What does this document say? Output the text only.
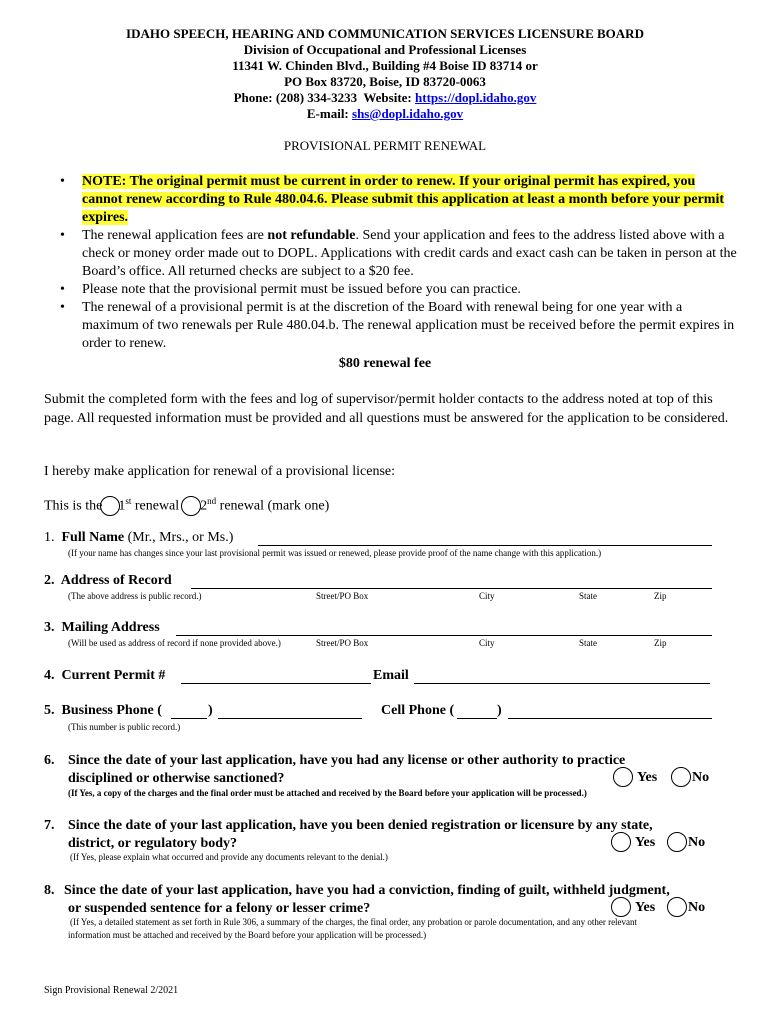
IDAHO SPEECH, HEARING AND COMMUNICATION SERVICES LICENSURE BOARD
Division of Occupational and Professional Licenses
11341 W. Chinden Blvd., Building #4 Boise ID 83714 or
PO Box 83720, Boise, ID 83720-0063
Phone: (208) 334-3233 Website: https://dopl.idaho.gov
E-mail: shs@dopl.idaho.gov
PROVISIONAL PERMIT RENEWAL

• NOTE: The original permit must be current in order to renew. If your original permit has expired, you cannot renew according to Rule 480.04.6. Please submit this application at least a month before your permit expires.

• The renewal application fees are not refundable. Send your application and fees to the address listed above with a check or money order made out to DOPL. Applications with credit cards and exact cash can be taken in person at the Board’s office. All returned checks are subject to a $20 fee.

• Please note that the provisional permit must be issued before you can practice.

• The renewal of a provisional permit is at the discretion of the Board with renewal being for one year with a maximum of two renewals per Rule 480.04.b. The renewal application must be received before the permit expires in order to renew.

$80 renewal fee
Submit the completed form with the fees and log of supervisor/permit holder contacts to the address noted at top of this page. All requested information must be provided and all questions must be answered for the application to be considered.
I hereby make application for renewal of a provisional license:
This is the 1st renewal 2nd renewal (mark one)
1. Full Name (Mr., Mrs., or Ms.)
(If your name has changes since your last provisional permit was issued or renewed, please provide proof of the name change with this application.)
2. Address of Record
(The above address is public record.)	Street/PO Box	City	State	Zip
3. Mailing Address
(Will be used as address of record if none provided above.)	Street/PO Box	City	State	Zip
4. Current Permit #	Email
5. Business Phone (	)	Cell Phone (	)
(This number is public record.)
6. Since the date of your last application, have you had any license or other authority to practice
disciplined or otherwise sanctioned?	Yes No
(If Yes, a copy of the charges and the final order must be attached and received by the Board before your application will be processed.)
7. Since the date of your last application, have you been denied registration or licensure by any state,
district, or regulatory body?	Yes No
(If Yes, please explain what occurred and provide any documents relevant to the denial.)
8. Since the date of your last application, have you had a conviction, finding of guilt, withheld judgment,
or suspended sentence for a felony or lesser crime?	Yes No
(If Yes, a detailed statement as set forth in Rule 306, a summary of the charges, the final order, any probation or parole documentation, and any other relevant
information must be attached and received by the Board before your application will be processed.)
Sign Provisional Renewal 2/2021
